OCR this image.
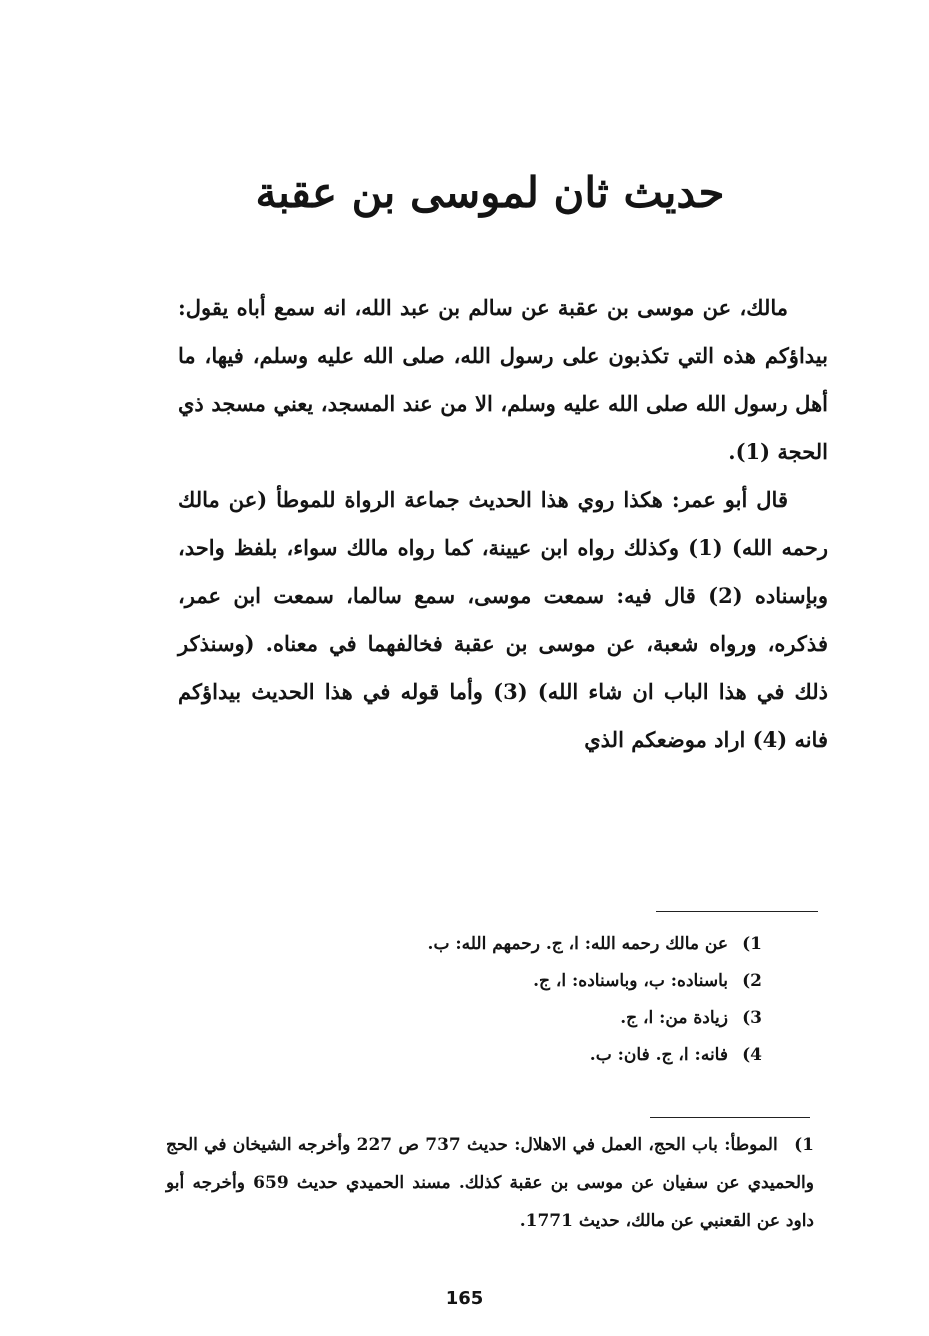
حديث ثان لموسى بن عقبة

مالك، عن موسى بن عقبة عن سالم بن عبد الله، انه سمع أباه يقول: بيداؤكم هذه التي تكذبون على رسول الله، صلى الله عليه وسلم، فيها، ما أهل رسول الله صلى الله عليه وسلم، الا من عند المسجد، يعني مسجد ذي الحجة (1).

قال أبو عمر: هكذا روي هذا الحديث جماعة الرواة للموطأ (عن مالك رحمه الله) (1) وكذلك رواه ابن عيينة، كما رواه مالك سواء، بلفظ واحد، وبإسناده (2) قال فيه: سمعت موسى، سمع سالما، سمعت ابن عمر، فذكره، ورواه شعبة، عن موسى بن عقبة فخالفهما في معناه. (وسنذكر ذلك في هذا الباب ان شاء الله) (3) وأما قوله في هذا الحديث بيداؤكم فانه (4) اراد موضعكم الذي

1)
عن مالك رحمه الله: ا، ج. رحمهم الله: ب.
2)
باسناده: ب، وباسناده: ا، ج.
3)
زيادة من: ا، ج.
4)
فانه: ا، ج. فان: ب.

1) الموطأ: باب الحج، العمل في الاهلال: حديث 737 ص 227 وأخرجه الشيخان في الحج والحميدي عن سفيان عن موسى بن عقبة كذلك. مسند الحميدي حديث 659 وأخرجه أبو داود عن القعنبي عن مالك، حديث 1771.

165
